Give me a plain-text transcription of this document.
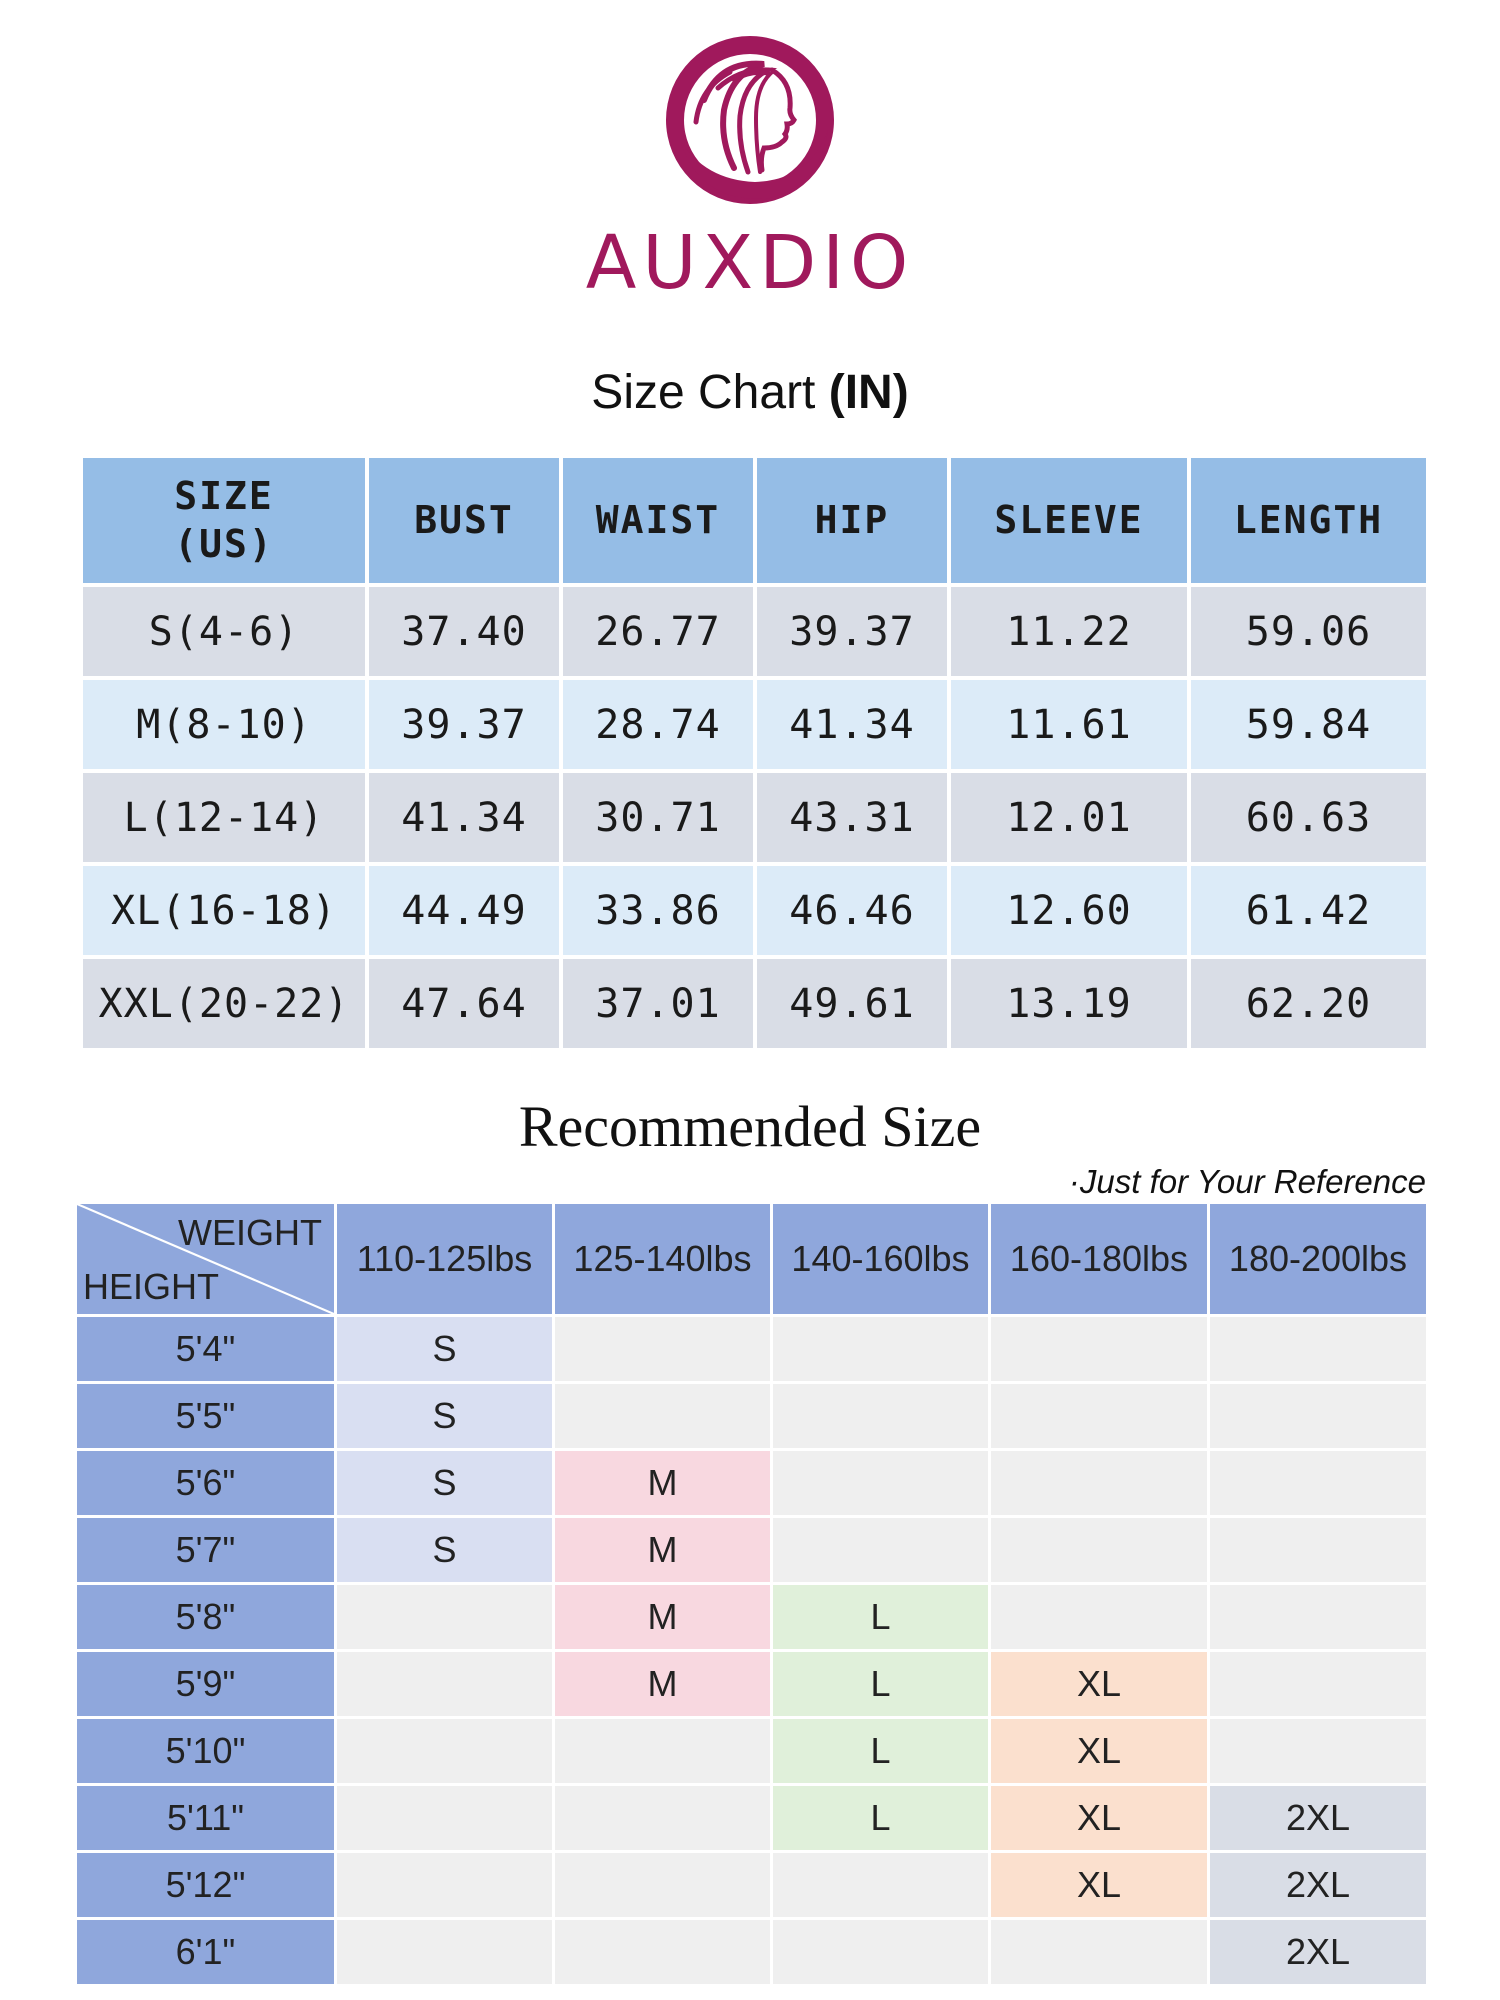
AUXDIO
Size Chart (IN)
SIZE
(US)	BUST	WAIST	HIP	SLEEVE	LENGTH
S(4-6)	37.40	26.77	39.37	11.22	59.06
M(8-10)	39.37	28.74	41.34	11.61	59.84
L(12-14)	41.34	30.71	43.31	12.01	60.63
XL(16-18)	44.49	33.86	46.46	12.60	61.42
XXL(20-22)	47.64	37.01	49.61	13.19	62.20
Recommended Size
·Just for Your Reference
WEIGHT
HEIGHT	110-125lbs	125-140lbs	140-160lbs	160-180lbs	180-200lbs
5'4"	S				
5'5"	S				
5'6"	S	M			
5'7"	S	M			
5'8"		M	L		
5'9"		M	L	XL	
5'10"			L	XL	
5'11"			L	XL	2XL
5'12"				XL	2XL
6'1"					2XL
